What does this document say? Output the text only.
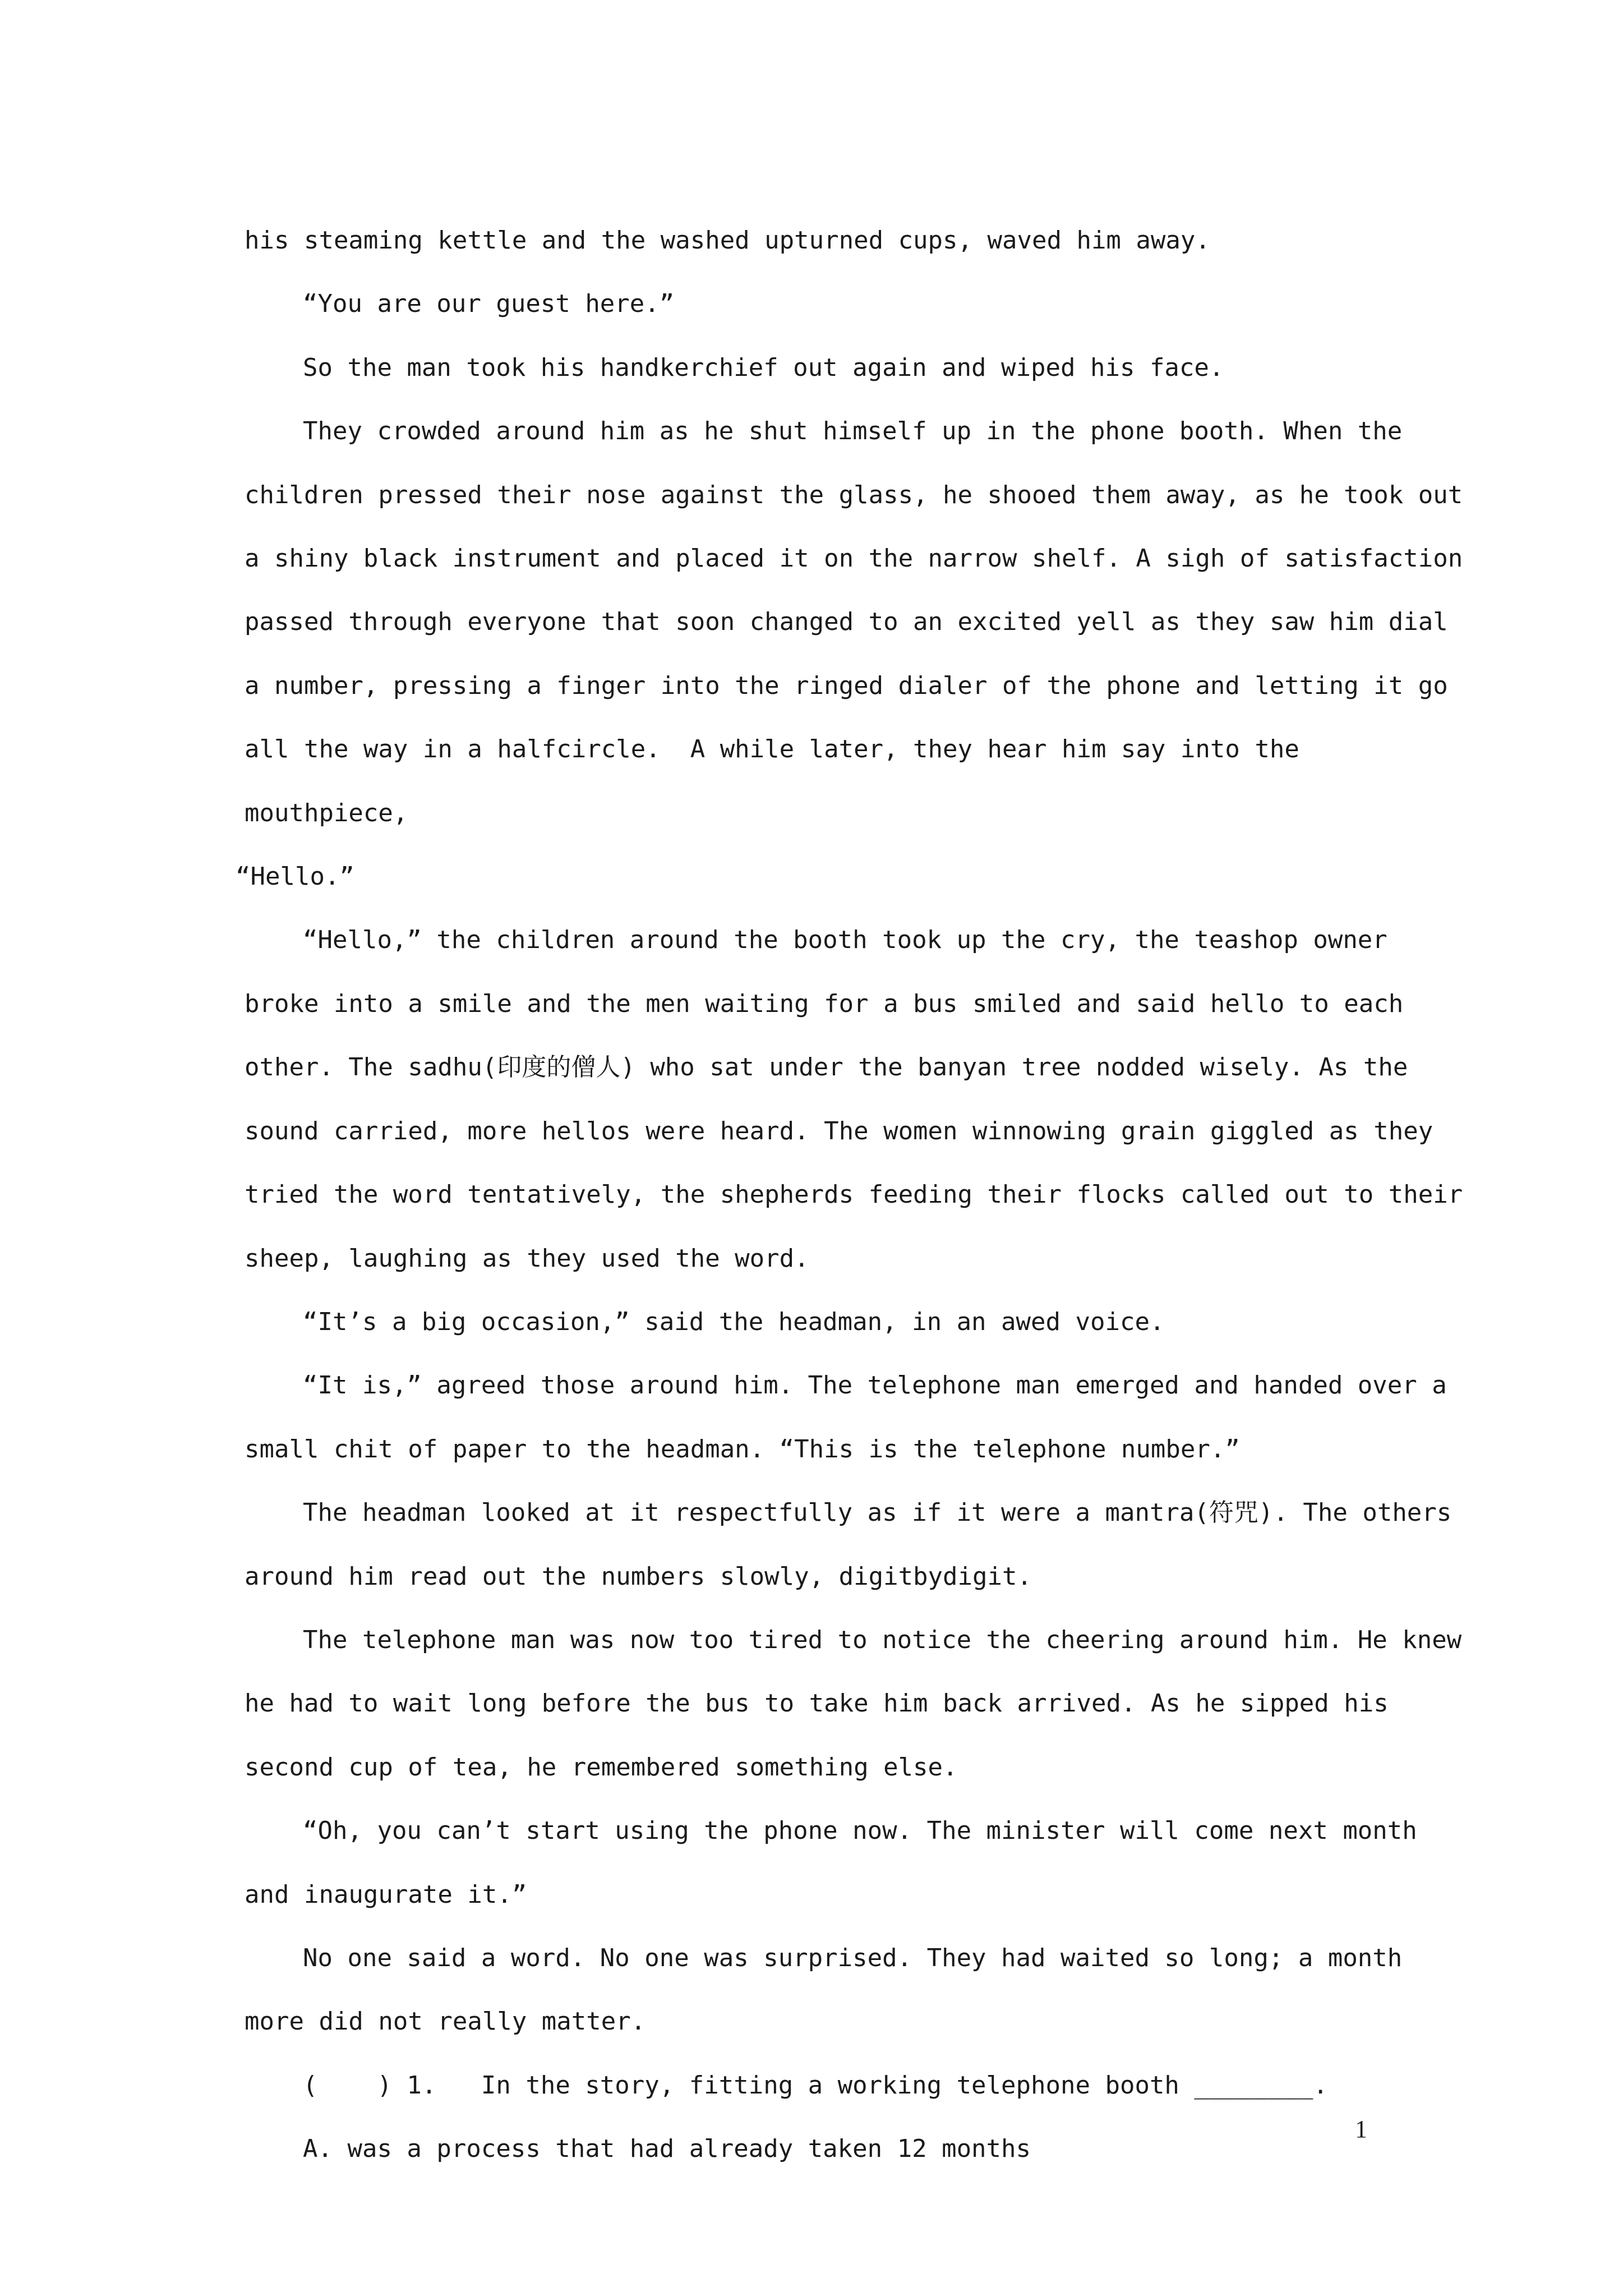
his steaming kettle and the washed upturned cups, waved him away.

“You are our guest here.”

So the man took his handkerchief out again and wiped his face.

They crowded around him as he shut himself up in the phone booth. When the children pressed their nose against the glass, he shooed them away, as he took out a shiny black instrument and placed it on the narrow shelf. A sigh of satisfaction passed through everyone that soon changed to an excited yell as they saw him dial a number, pressing a finger into the ringed dialer of the phone and letting it go all the way in a halfcircle.  A while later, they hear him say into the mouthpiece,

“Hello.”

“Hello,” the children around the booth took up the cry, the teashop owner broke into a smile and the men waiting for a bus smiled and said hello to each other. The sadhu(印度的僧人) who sat under the banyan tree nodded wisely. As the sound carried, more hellos were heard. The women winnowing grain giggled as they tried the word tentatively, the shepherds feeding their flocks called out to their sheep, laughing as they used the word.

“It’s a big occasion,” said the headman, in an awed voice.

“It is,” agreed those around him. The telephone man emerged and handed over a small chit of paper to the headman. “This is the telephone number.”

The headman looked at it respectfully as if it were a mantra(符咒). The others around him read out the numbers slowly, digitbydigit.

The telephone man was now too tired to notice the cheering around him. He knew he had to wait long before the bus to take him back arrived. As he sipped his second cup of tea, he remembered something else.

“Oh, you can’t start using the phone now. The minister will come next month and inaugurate it.”

No one said a word. No one was surprised. They had waited so long; a month more did not really matter.

(    ) 1.   In the story, fitting a working telephone booth ________.

A. was a process that had already taken 12 months

1
